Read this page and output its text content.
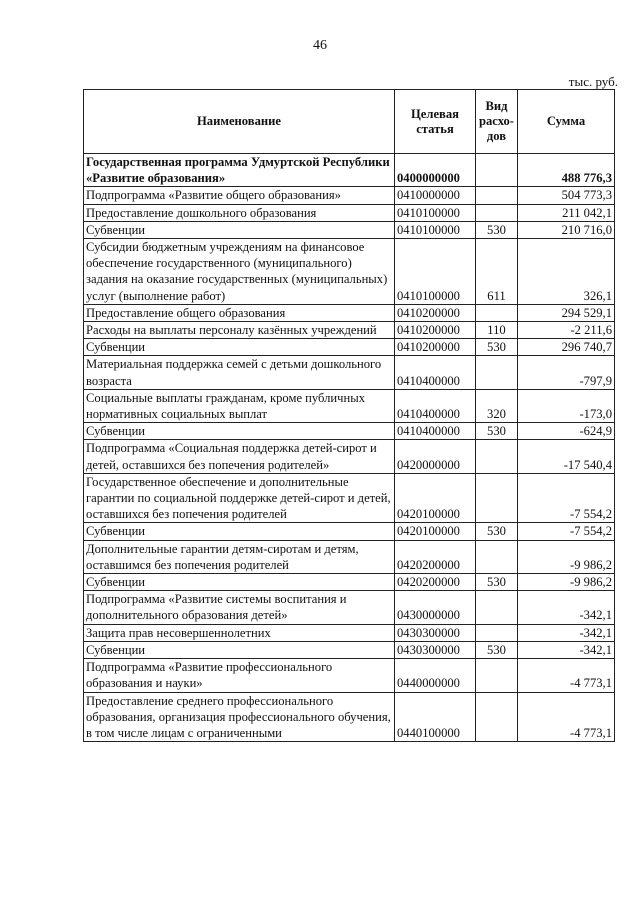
46
тыс. руб.
Наименование	Целевая статья	Вид расхо-дов	Сумма
Государственная программа Удмуртской Республики «Развитие образования»	0400000000		488 776,3
Подпрограмма «Развитие общего образования»	0410000000		504 773,3
Предоставление дошкольного образования	0410100000		211 042,1
Субвенции	0410100000	530	210 716,0
Субсидии бюджетным учреждениям на финансовое обеспечение государственного (муниципального) задания на оказание государственных (муниципальных) услуг (выполнение работ)	0410100000	611	326,1
Предоставление общего образования	0410200000		294 529,1
Расходы на выплаты персоналу казённых учреждений	0410200000	110	-2 211,6
Субвенции	0410200000	530	296 740,7
Материальная поддержка семей с детьми дошкольного возраста	0410400000		-797,9
Социальные выплаты гражданам, кроме публичных нормативных социальных выплат	0410400000	320	-173,0
Субвенции	0410400000	530	-624,9
Подпрограмма «Социальная поддержка детей-сирот и детей, оставшихся без попечения родителей»	0420000000		-17 540,4
Государственное обеспечение и дополнительные гарантии по социальной поддержке детей-сирот и детей, оставшихся без попечения родителей	0420100000		-7 554,2
Субвенции	0420100000	530	-7 554,2
Дополнительные гарантии детям-сиротам и детям, оставшимся без попечения родителей	0420200000		-9 986,2
Субвенции	0420200000	530	-9 986,2
Подпрограмма «Развитие системы воспитания и дополнительного образования детей»	0430000000		-342,1
Защита прав несовершеннолетних	0430300000		-342,1
Субвенции	0430300000	530	-342,1
Подпрограмма «Развитие профессионального образования и науки»	0440000000		-4 773,1
Предоставление среднего профессионального образования, организация профессионального обучения, в том числе лицам с ограниченными	0440100000		-4 773,1
